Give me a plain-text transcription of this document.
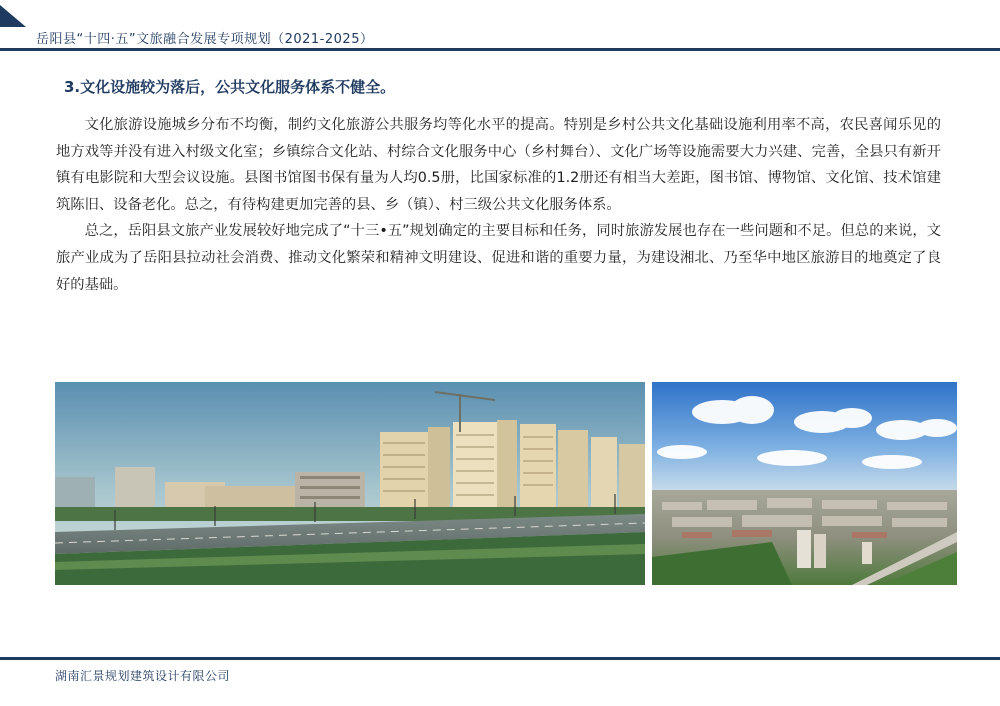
岳阳县“十四·五”文旅融合发展专项规划（2021-2025）
3.文化设施较为落后，公共文化服务体系不健全。

文化旅游设施城乡分布不均衡，制约文化旅游公共服务均等化水平的提高。特别是乡村公共文化基础设施利用率不高，农民喜闻乐见的地方戏等并没有进入村级文化室；乡镇综合文化站、村综合文化服务中心（乡村舞台）、文化广场等设施需要大力兴建、完善，全县只有新开镇有电影院和大型会议设施。县图书馆图书保有量为人均0.5册，比国家标准的1.2册还有相当大差距，图书馆、博物馆、文化馆、技术馆建筑陈旧、设备老化。总之，有待构建更加完善的县、乡（镇）、村三级公共文化服务体系。

总之，岳阳县文旅产业发展较好地完成了“十三•五”规划确定的主要目标和任务，同时旅游发展也存在一些问题和不足。但总的来说，文旅产业成为了岳阳县拉动社会消费、推动文化繁荣和精神文明建设、促进和谐的重要力量，为建设湘北、乃至华中地区旅游目的地奠定了良好的基础。

湖南汇景规划建筑设计有限公司
